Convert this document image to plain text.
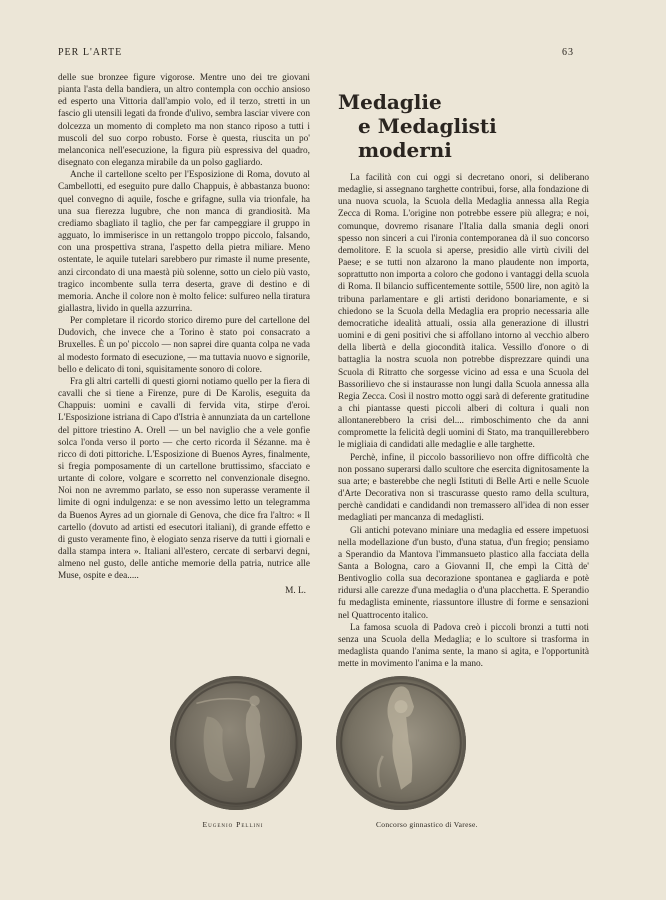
PER L'ARTE	63

delle sue bronzee figure vigorose. Mentre uno dei tre giovani pianta l'asta della bandiera, un altro contempla con occhio ansioso ed esperto una Vittoria dall'ampio volo, ed il terzo, stretti in un fascio gli utensili legati da fronde d'ulivo, sembra lasciar vivere con dolcezza un momento di completo ma non stanco riposo a tutti i muscoli del suo corpo robusto. Forse è questa, riuscita un po' melanconica nell'esecuzione, la figura più espressiva del quadro, disegnato con eleganza mirabile da un polso gagliardo.

Anche il cartellone scelto per l'Esposizione di Roma, dovuto al Cambellotti, ed eseguito pure dallo Chappuis, è abbastanza buono: quel convegno di aquile, fosche e grifagne, sulla via trionfale, ha una sua fierezza lugubre, che non manca di grandiosità. Ma crediamo sbagliato il taglio, che per far campeggiare il gruppo in agguato, lo immiserisce in un rettangolo troppo piccolo, falsando, con una prospettiva strana, l'aspetto della pietra miliare. Meno ostentate, le aquile tutelari sarebbero pur rimaste il nume presente, anzi circondato di una maestà più solenne, sotto un cielo più vasto, tragico incombente sulla terra deserta, grave di destino e di memoria. Anche il colore non è molto felice: sulfureo nella tiratura giallastra, livido in quella azzurrina.

Per completare il ricordo storico diremo pure del cartellone del Dudovich, che invece che a Torino è stato poi consacrato a Bruxelles. È un po' piccolo — non saprei dire quanta colpa ne vada al modesto formato di esecuzione, — ma tuttavia nuovo e signorile, bello e delicato di toni, squisitamente sonoro di colore.

Fra gli altri cartelli di questi giorni notiamo quello per la fiera di cavalli che si tiene a Firenze, pure di De Karolis, eseguita da Chappuis: uomini e cavalli di fervida vita, stirpe d'eroi. L'Esposizione istriana di Capo d'Istria è annunziata da un cartellone del pittore triestino A. Orell — un bel naviglio che a vele gonfie solca l'onda verso il porto — che certo ricorda il Sézanne. ma è ricco di doti pittoriche. L'Esposizione di Buenos Ayres, finalmente, si fregia pomposamente di un cartellone bruttissimo, sfacciato e urtante di colore, volgare e scorretto nel convenzionale disegno. Noi non ne avremmo parlato, se esso non superasse veramente il limite di ogni indulgenza: e se non avessimo letto un telegramma da Buenos Ayres ad un giornale di Genova, che dice fra l'altro: « Il cartello (dovuto ad artisti ed esecutori italiani), di grande effetto e di gusto veramente fino, è elogiato senza riserve da tutti i giornali e dalla stampa intera ». Italiani all'estero, cercate di serbarvi degni, almeno nel gusto, delle antiche memorie della patria, nutrice alle Muse, ospite e dea.....

M. L.
Medaglie
e Medaglisti moderni

La facilità con cui oggi si decretano onori, si deliberano medaglie, si assegnano targhette contribui, forse, alla fondazione di una nuova scuola, la Scuola della Medaglia annessa alla Regia Zecca di Roma. L'origine non potrebbe essere più allegra; e noi, comunque, dovremo risanare l'Italia dalla smania degli onori spesso non sinceri a cui l'ironia contemporanea dà il suo concorso demolitore. E la scuola si aperse, presidio alle virtù civili del Paese; e se tutti non alzarono la mano plaudente non importa, soprattutto non importa a coloro che godono i vantaggi della scuola di Roma. Il bilancio sufficentemente sottile, 5500 lire, non agitò la tribuna parlamentare e gli artisti deridono bonariamente, e si chiedono se la Scuola della Medaglia era proprio necessaria alle democratiche idealità attuali, ossia alla generazione di illustri uomini e di geni positivi che si affollano intorno al vecchio albero della libertà e della giocondità italica. Vessillo d'onore o di battaglia la nostra scuola non potrebbe disprezzare quindi una Scuola di Ritratto che sorgesse vicino ad essa e una Scuola del Bassorilievo che si instaurasse non lungi dalla Scuola annessa alla Regia Zecca. Così il nostro motto oggi sarà di deferente gratitudine a chi piantasse questi piccoli alberi di coltura i quali non allontanerebbero la crisi del.... rimboschimento che da anni compromette la felicità degli uomini di Stato, ma tranquillerebbero le migliaia di candidati alle medaglie e alle targhette.

Perchè, infine, il piccolo bassorilievo non offre difficoltà che non possano superarsi dallo scultore che esercita dignitosamente la sua arte; e basterebbe che negli Istituti di Belle Arti e nelle Scuole d'Arte Decorativa non si trascurasse questo ramo della scultura, perchè candidati e candidandi non tremassero all'idea di non esser medagliati per mancanza di medaglisti.

Gli antichi potevano miniare una medaglia ed essere impetuosi nella modellazione d'un busto, d'una statua, d'un fregio; pensiamo a Sperandio da Mantova l'immansueto plastico alla facciata della Santa a Bologna, caro a Giovanni II, che empì la Città de' Bentivoglio colla sua decorazione spontanea e gagliarda e potè ridursi alle carezze d'una medaglia o d'una placchetta. E Sperandio fu medaglista eminente, riassuntore illustre di forme e sensazioni nel Quattrocento italico.

La famosa scuola di Padova creò i piccoli bronzi a tutti noti senza una Scuola della Medaglia; e lo scultore si trasforma in medaglista quando l'anima sente, la mano si agita, e l'opportunità mette in movimento l'anima e la mano.

Eugenio Pellini	Concorso ginnastico di Varese.
